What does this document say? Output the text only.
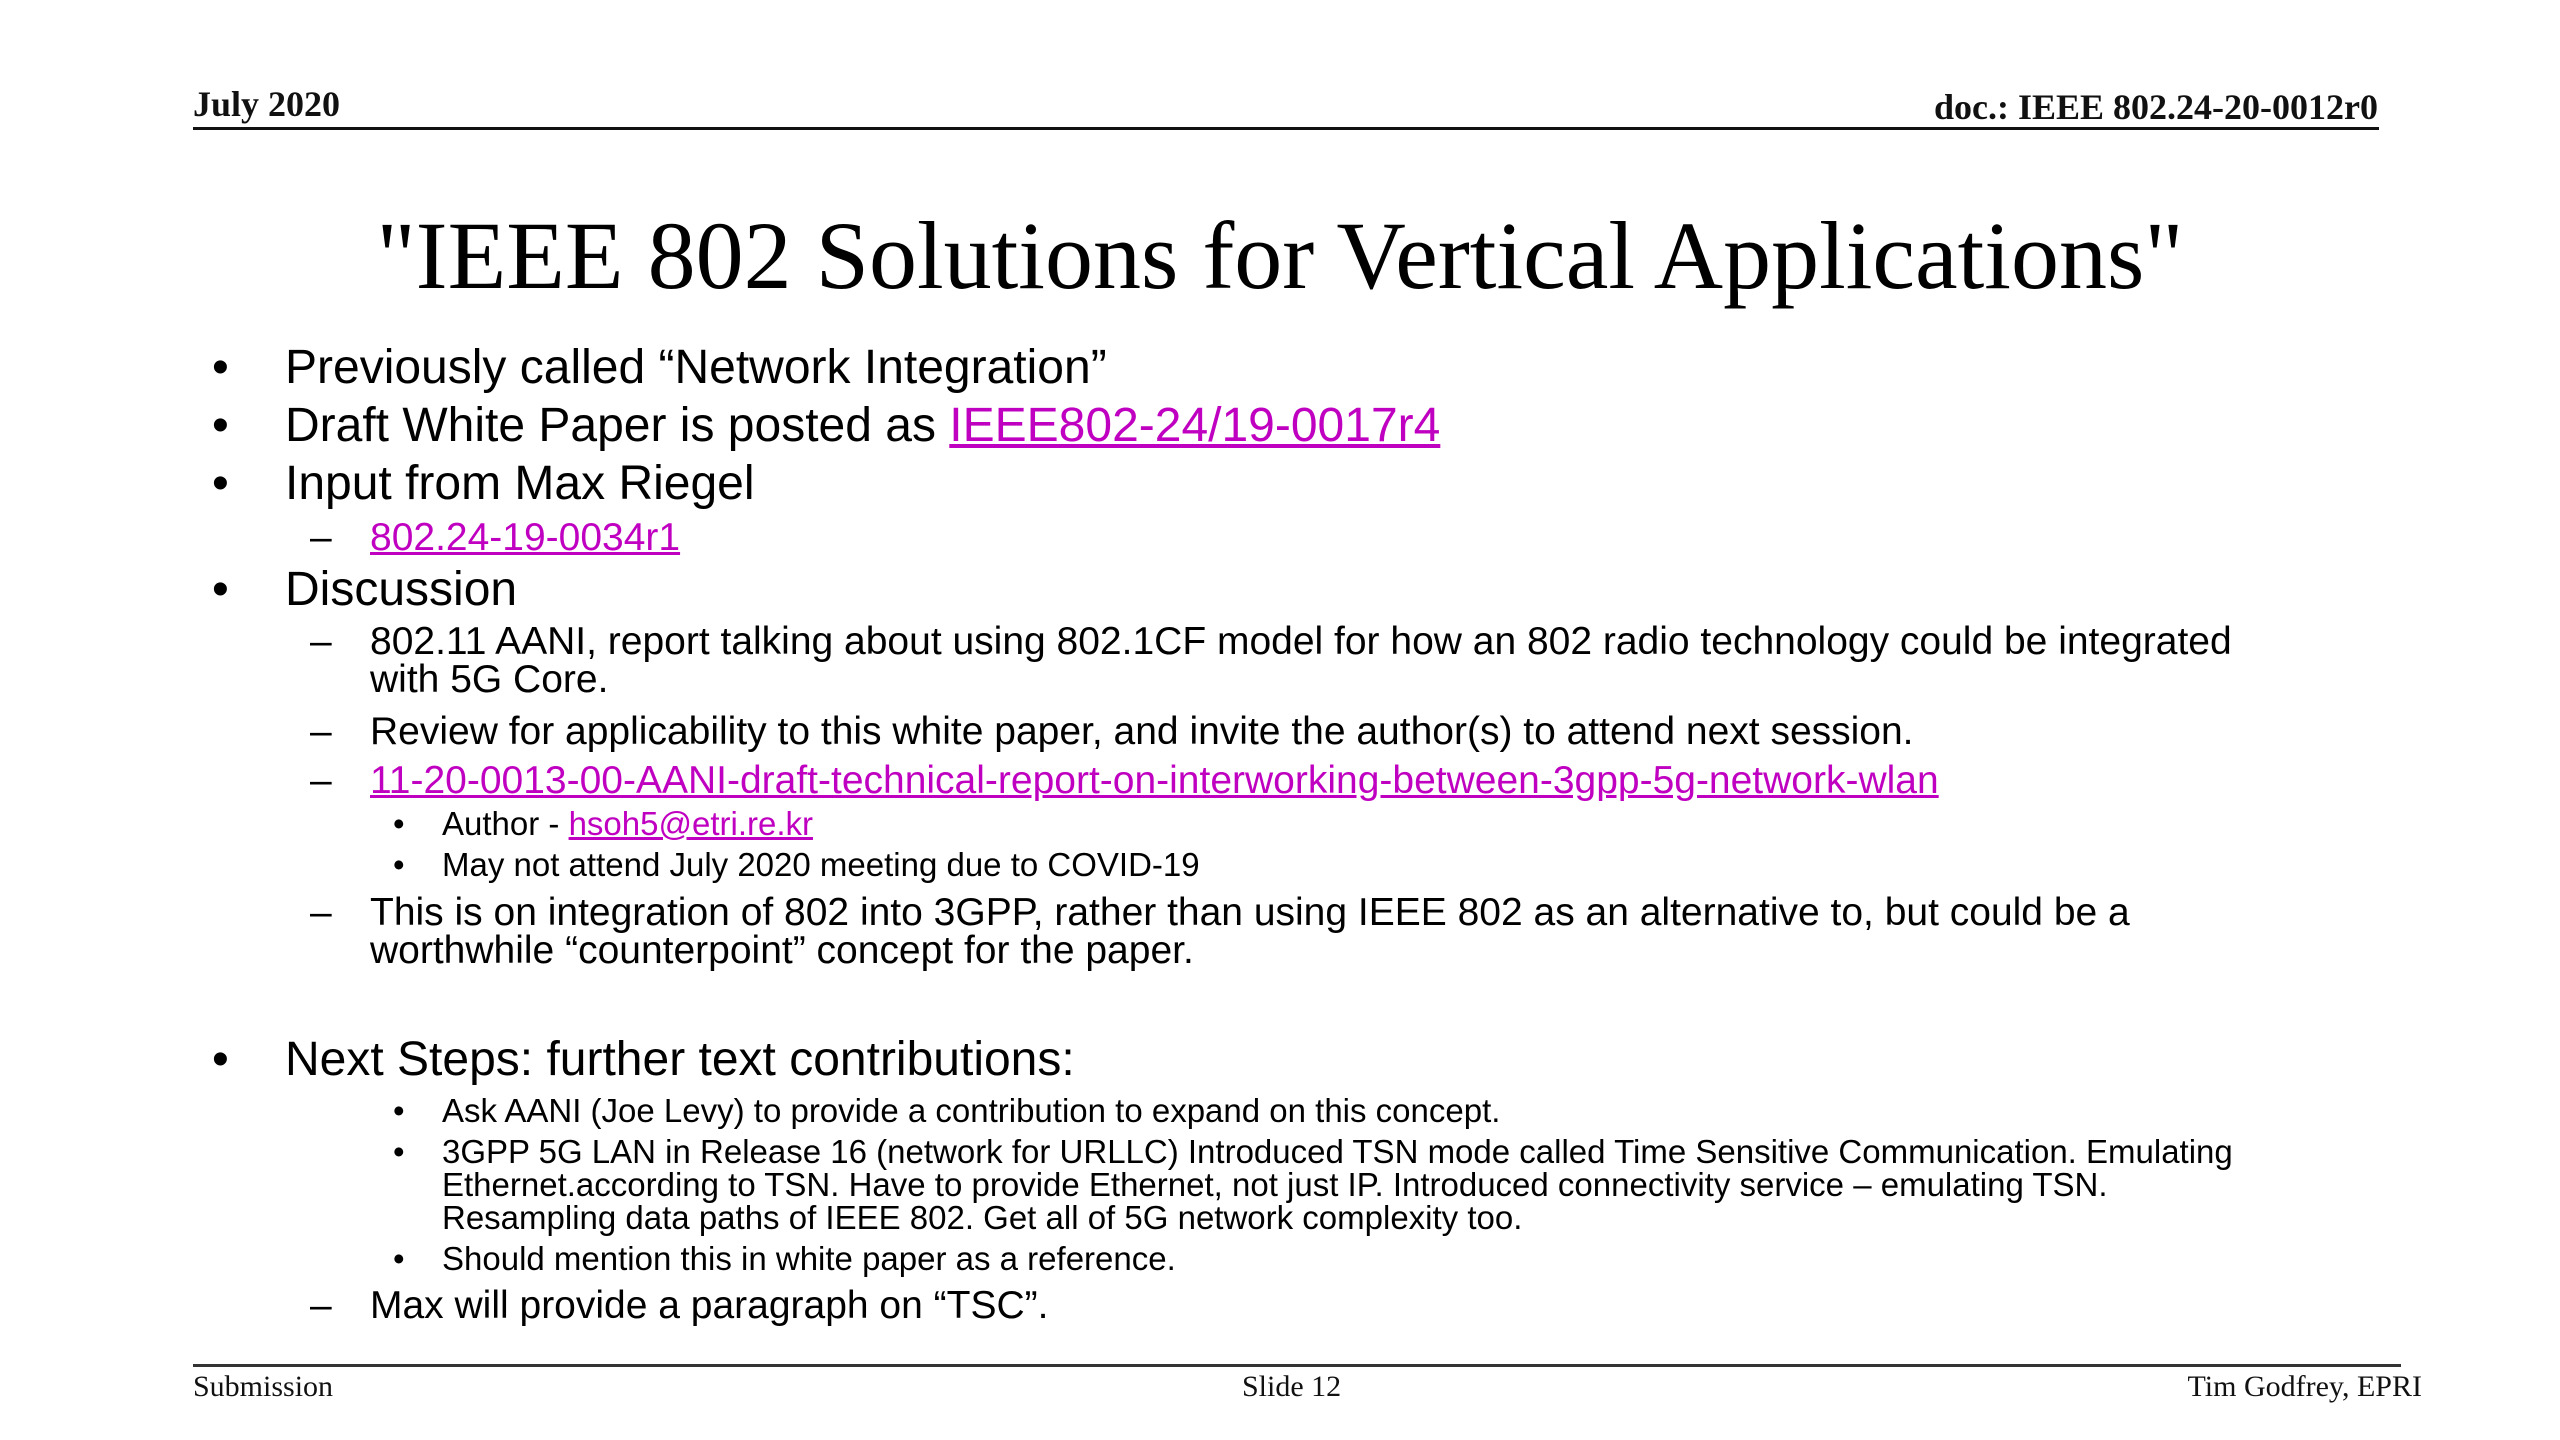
July 2020	doc.: IEEE 802.24-20-0012r0
"IEEE 802 Solutions for Vertical Applications"
• Previously called “Network Integration”
• Draft White Paper is posted as IEEE802-24/19-0017r4
• Input from Max Riegel
– 802.24-19-0034r1
• Discussion
– 802.11 AANI, report talking about using 802.1CF model for how an 802 radio technology could be integrated
with 5G Core.
– Review for applicability to this white paper, and invite the author(s) to attend next session.
– 11-20-0013-00-AANI-draft-technical-report-on-interworking-between-3gpp-5g-network-wlan
• Author - hsoh5@etri.re.kr
• May not attend July 2020 meeting due to COVID-19
– This is on integration of 802 into 3GPP, rather than using IEEE 802 as an alternative to, but could be a
worthwhile “counterpoint” concept for the paper.
• Next Steps: further text contributions:
• Ask AANI (Joe Levy) to provide a contribution to expand on this concept.
• 3GPP 5G LAN in Release 16 (network for URLLC) Introduced TSN mode called Time Sensitive Communication. Emulating
Ethernet.according to TSN. Have to provide Ethernet, not just IP. Introduced connectivity service – emulating TSN.
Resampling data paths of IEEE 802. Get all of 5G network complexity too.
• Should mention this in white paper as a reference.
– Max will provide a paragraph on “TSC”.
Submission	Slide 12	Tim Godfrey, EPRI
